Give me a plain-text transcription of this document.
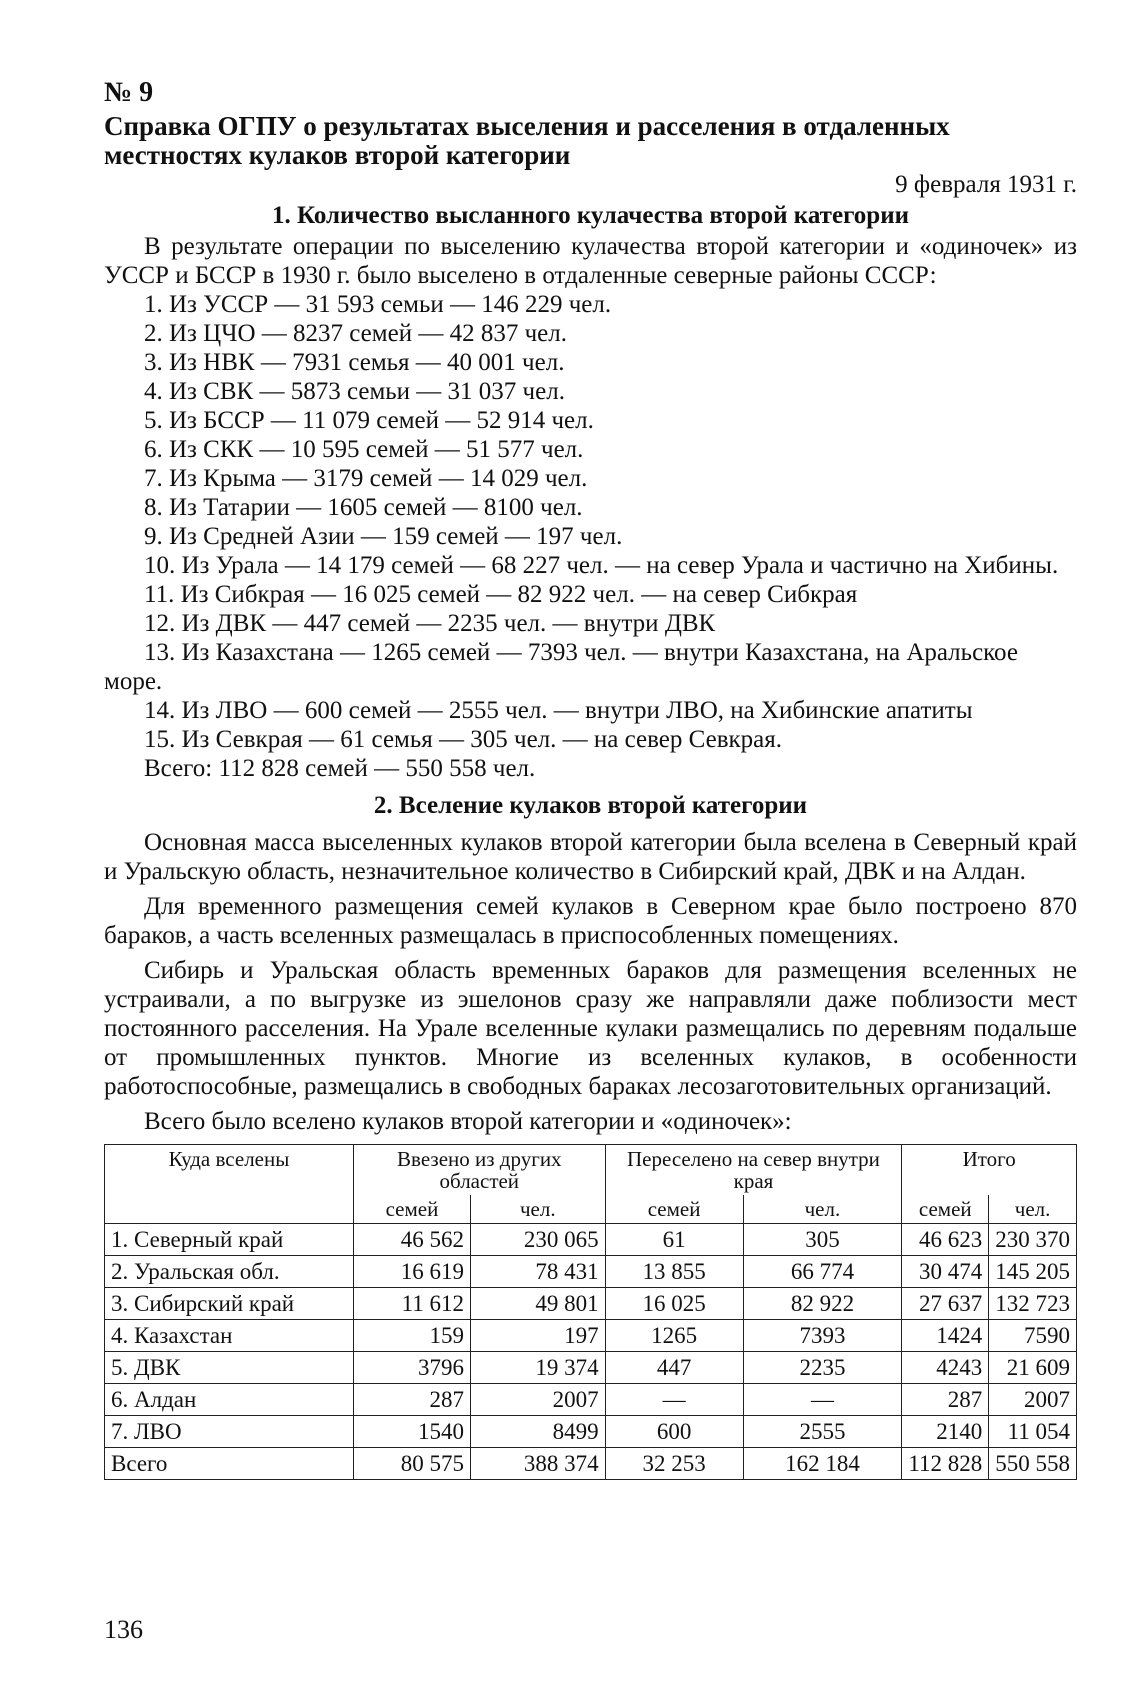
№ 9
Справка ОГПУ о результатах выселения и расселения в отдаленных местностях кулаков второй категории
9 февраля 1931 г.
1. Количество высланного кулачества второй категории

В результате операции по выселению кулачества второй категории и «одиночек» из УССР и БССР в 1930 г. было выселено в отдаленные северные районы СССР:

1. Из УССР — 31 593 семьи — 146 229 чел.
2. Из ЦЧО — 8237 семей — 42 837 чел.
3. Из НВК — 7931 семья — 40 001 чел.
4. Из СВК — 5873 семьи — 31 037 чел.
5. Из БССР — 11 079 семей — 52 914 чел.
6. Из СКК — 10 595 семей — 51 577 чел.
7. Из Крыма — 3179 семей — 14 029 чел.
8. Из Татарии — 1605 семей — 8100 чел.
9. Из Средней Азии — 159 семей — 197 чел.
10. Из Урала — 14 179 семей — 68 227 чел. — на север Урала и частично на Хибины.
11. Из Сибкрая — 16 025 семей — 82 922 чел. — на север Сибкрая
12. Из ДВК — 447 семей — 2235 чел. — внутри ДВК
13. Из Казахстана — 1265 семей — 7393 чел. — внутри Казахстана, на Аральское море.
14. Из ЛВО — 600 семей — 2555 чел. — внутри ЛВО, на Хибинские апатиты
15. Из Севкрая — 61 семья — 305 чел. — на север Севкрая.
Всего: 112 828 семей — 550 558 чел.
2. Вселение кулаков второй категории

Основная масса выселенных кулаков второй категории была вселена в Северный край и Уральскую область, незначительное количество в Сибирский край, ДВК и на Алдан.

Для временного размещения семей кулаков в Северном крае было построено 870 бараков, а часть вселенных размещалась в приспособленных помещениях.

Сибирь и Уральская область временных бараков для размещения вселенных не устраивали, а по выгрузке из эшелонов сразу же направляли даже поблизости мест постоянного расселения. На Урале вселенные кулаки размещались по деревням подальше от промышленных пунктов. Многие из вселенных кулаков, в особенности работоспособные, размещались в свободных бараках лесозаготовительных организаций.

Всего было вселено кулаков второй категории и «одиночек»:

Куда вселены	Ввезено из других областей		Переселено на север внутри края		Итого	
	семей	чел.	семей	чел.	семей	чел.
1. Северный край	46 562	230 065	61	305	46 623	230 370
2. Уральская обл.	16 619	78 431	13 855	66 774	30 474	145 205
3. Сибирский край	11 612	49 801	16 025	82 922	27 637	132 723
4. Казахстан	159	197	1265	7393	1424	7590
5. ДВК	3796	19 374	447	2235	4243	21 609
6. Алдан	287	2007	—	—	287	2007
7. ЛВО	1540	8499	600	2555	2140	11 054
Всего	80 575	388 374	32 253	162 184	112 828	550 558
136
